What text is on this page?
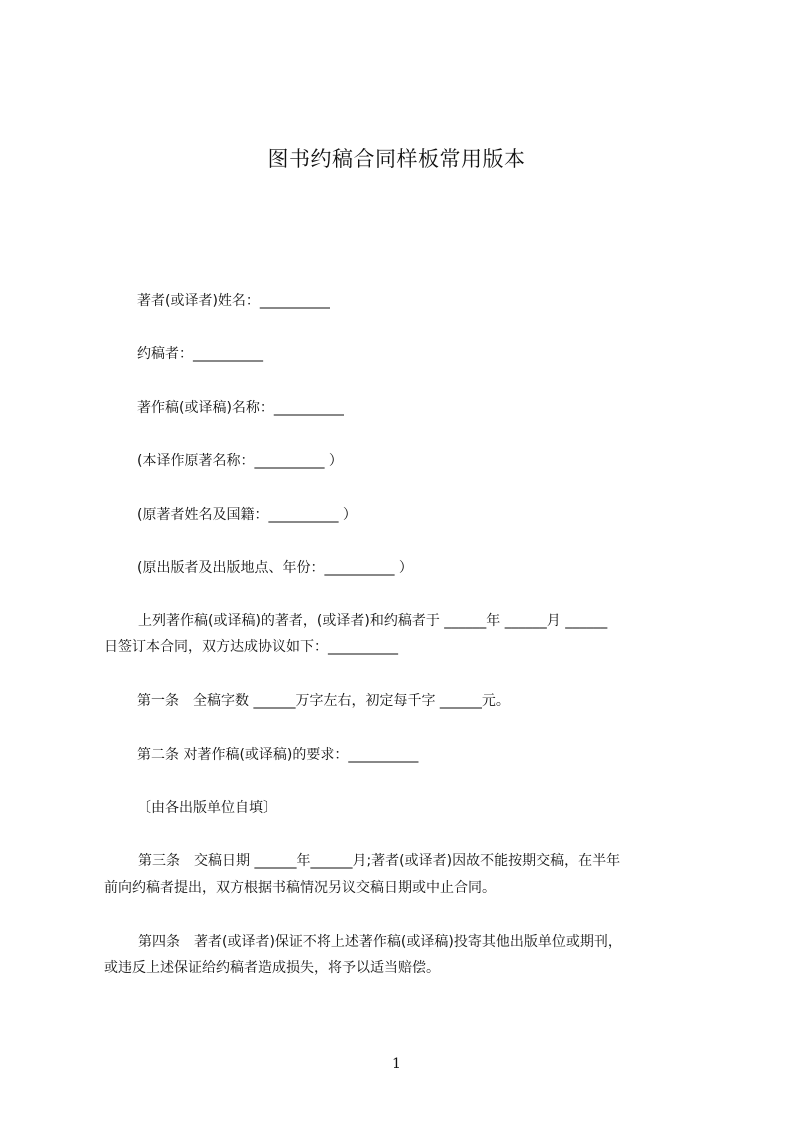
图书约稿合同样板常用版本
著者(或译者)姓名：__________
约稿者：__________
著作稿(或译稿)名称：__________
(本译作原著名称：__________ ）
(原著者姓名及国籍：__________ ）
(原出版者及出版地点、年份：__________ ）
上列著作稿(或译稿)的著者，(或译者)和约稿者于 ______年 ______月 ______
日签订本合同，双方达成协议如下：__________
第一条　全稿字数 ______万字左右，初定每千字 ______元。
第二条 对著作稿(或译稿)的要求：__________
〔由各出版单位自填〕
第三条　交稿日期 ______年______月;著者(或译者)因故不能按期交稿，在半年
前向约稿者提出，双方根据书稿情况另议交稿日期或中止合同。
第四条　著者(或译者)保证不将上述著作稿(或译稿)投寄其他出版单位或期刊，
或违反上述保证给约稿者造成损失，将予以适当赔偿。
1
